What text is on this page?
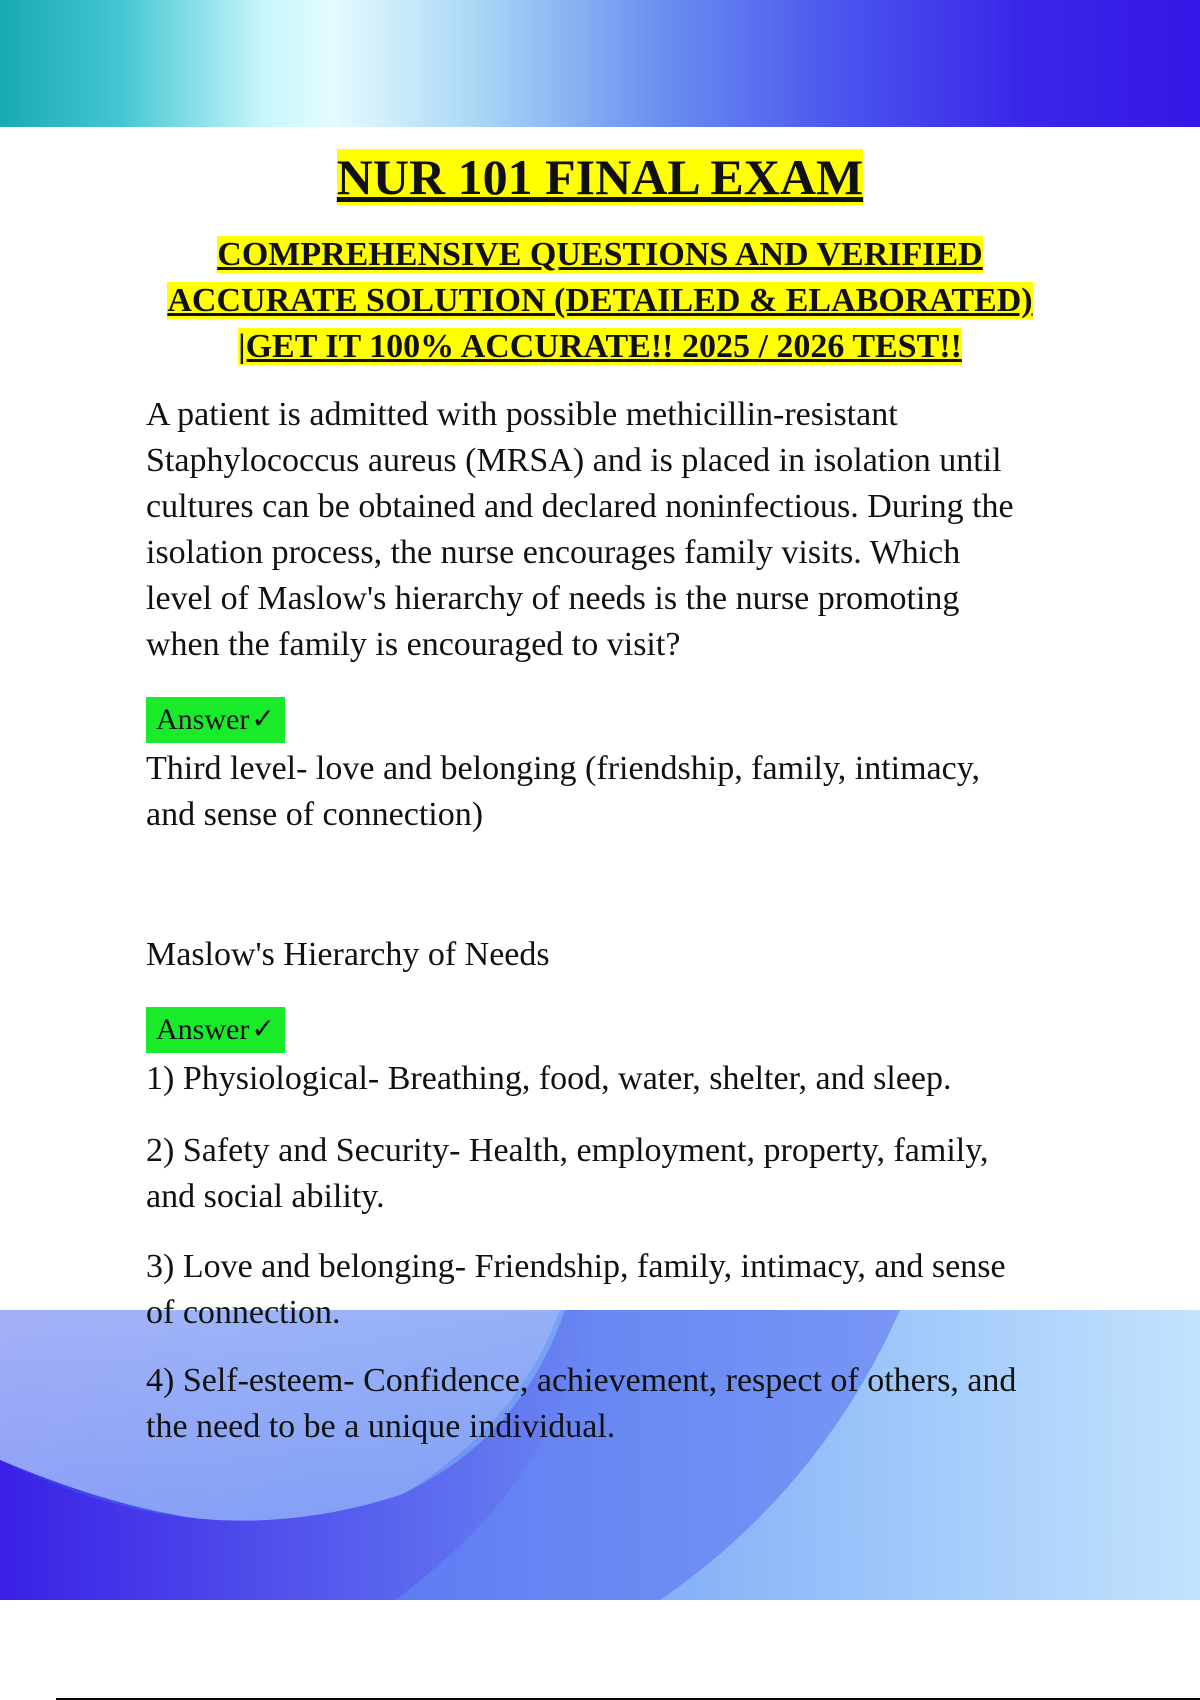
NUR 101 FINAL EXAM
COMPREHENSIVE QUESTIONS AND VERIFIED
ACCURATE SOLUTION (DETAILED & ELABORATED)
|GET IT 100% ACCURATE!! 2025 / 2026 TEST!!
A patient is admitted with possible methicillin-resistant
Staphylococcus aureus (MRSA) and is placed in isolation until
cultures can be obtained and declared noninfectious. During the
isolation process, the nurse encourages family visits. Which
level of Maslow's hierarchy of needs is the nurse promoting
when the family is encouraged to visit?
Answer ✓
Third level- love and belonging (friendship, family, intimacy,
and sense of connection)
Maslow's Hierarchy of Needs
Answer ✓
1) Physiological- Breathing, food, water, shelter, and sleep.
2) Safety and Security- Health, employment, property, family,
and social ability.
3) Love and belonging- Friendship, family, intimacy, and sense
of connection.
4) Self-esteem- Confidence, achievement, respect of others, and
the need to be a unique individual.
